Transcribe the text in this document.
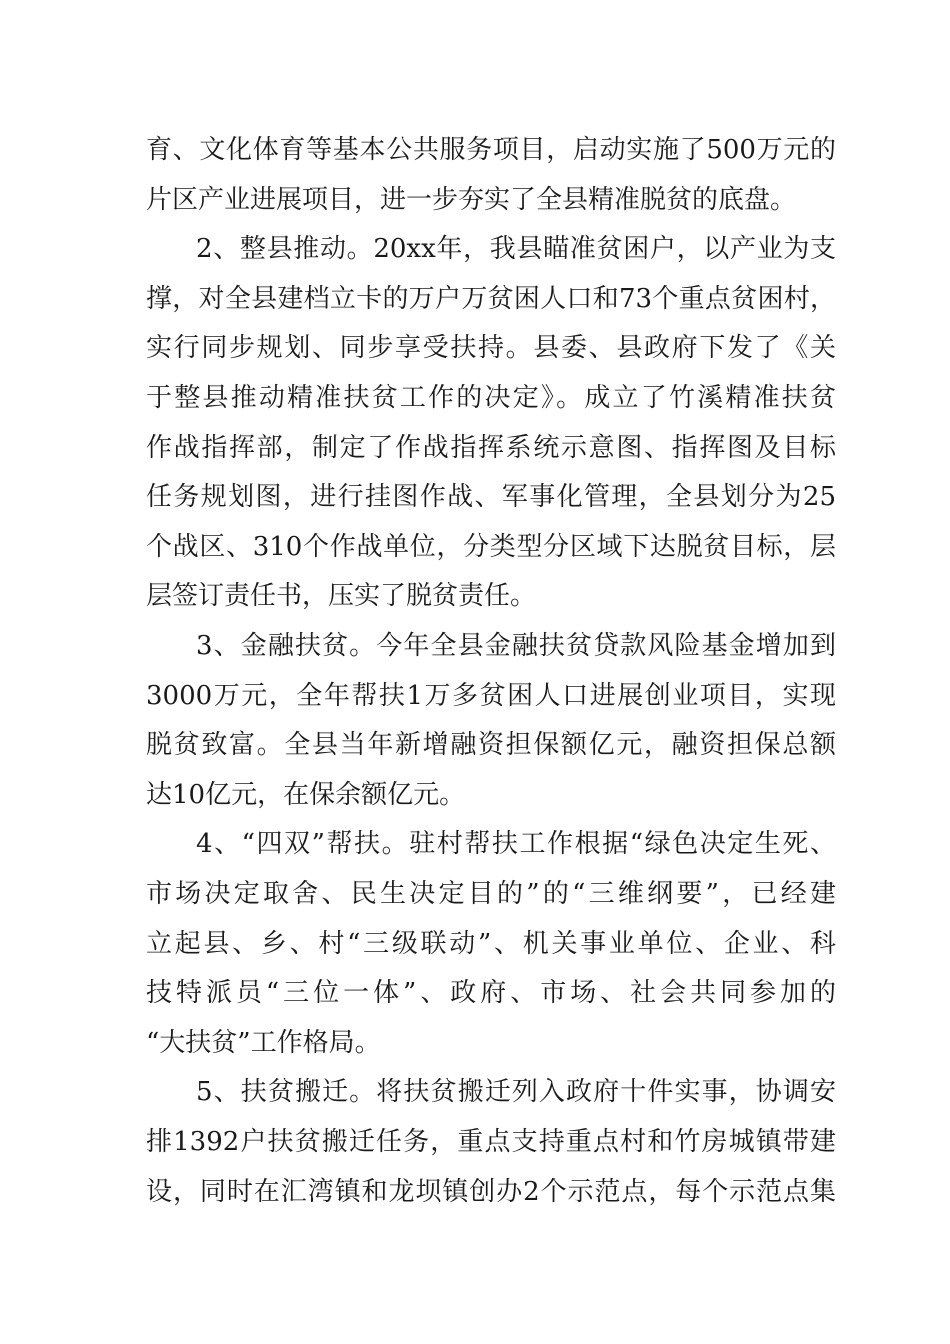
育、文化体育等基本公共服务项目，启动实施了500万元的
片区产业进展项目，进一步夯实了全县精准脱贫的底盘。
2、整县推动。20xx年，我县瞄准贫困户，以产业为支
撑，对全县建档立卡的万户万贫困人口和73个重点贫困村，
实行同步规划、同步享受扶持。县委、县政府下发了《关
于整县推动精准扶贫工作的决定》。成立了竹溪精准扶贫
作战指挥部，制定了作战指挥系统示意图、指挥图及目标
任务规划图，进行挂图作战、军事化管理，全县划分为25
个战区、310个作战单位，分类型分区域下达脱贫目标，层
层签订责任书，压实了脱贫责任。
3、金融扶贫。今年全县金融扶贫贷款风险基金增加到
3000万元，全年帮扶1万多贫困人口进展创业项目，实现
脱贫致富。全县当年新增融资担保额亿元，融资担保总额
达10亿元，在保余额亿元。
4、“四双”帮扶。驻村帮扶工作根据“绿色决定生死、
市场决定取舍、民生决定目的”的“三维纲要”，已经建
立起县、乡、村“三级联动”、机关事业单位、企业、科
技特派员“三位一体”、政府、市场、社会共同参加的
“大扶贫”工作格局。
5、扶贫搬迁。将扶贫搬迁列入政府十件实事，协调安
排1392户扶贫搬迁任务，重点支持重点村和竹房城镇带建
设，同时在汇湾镇和龙坝镇创办2个示范点，每个示范点集
